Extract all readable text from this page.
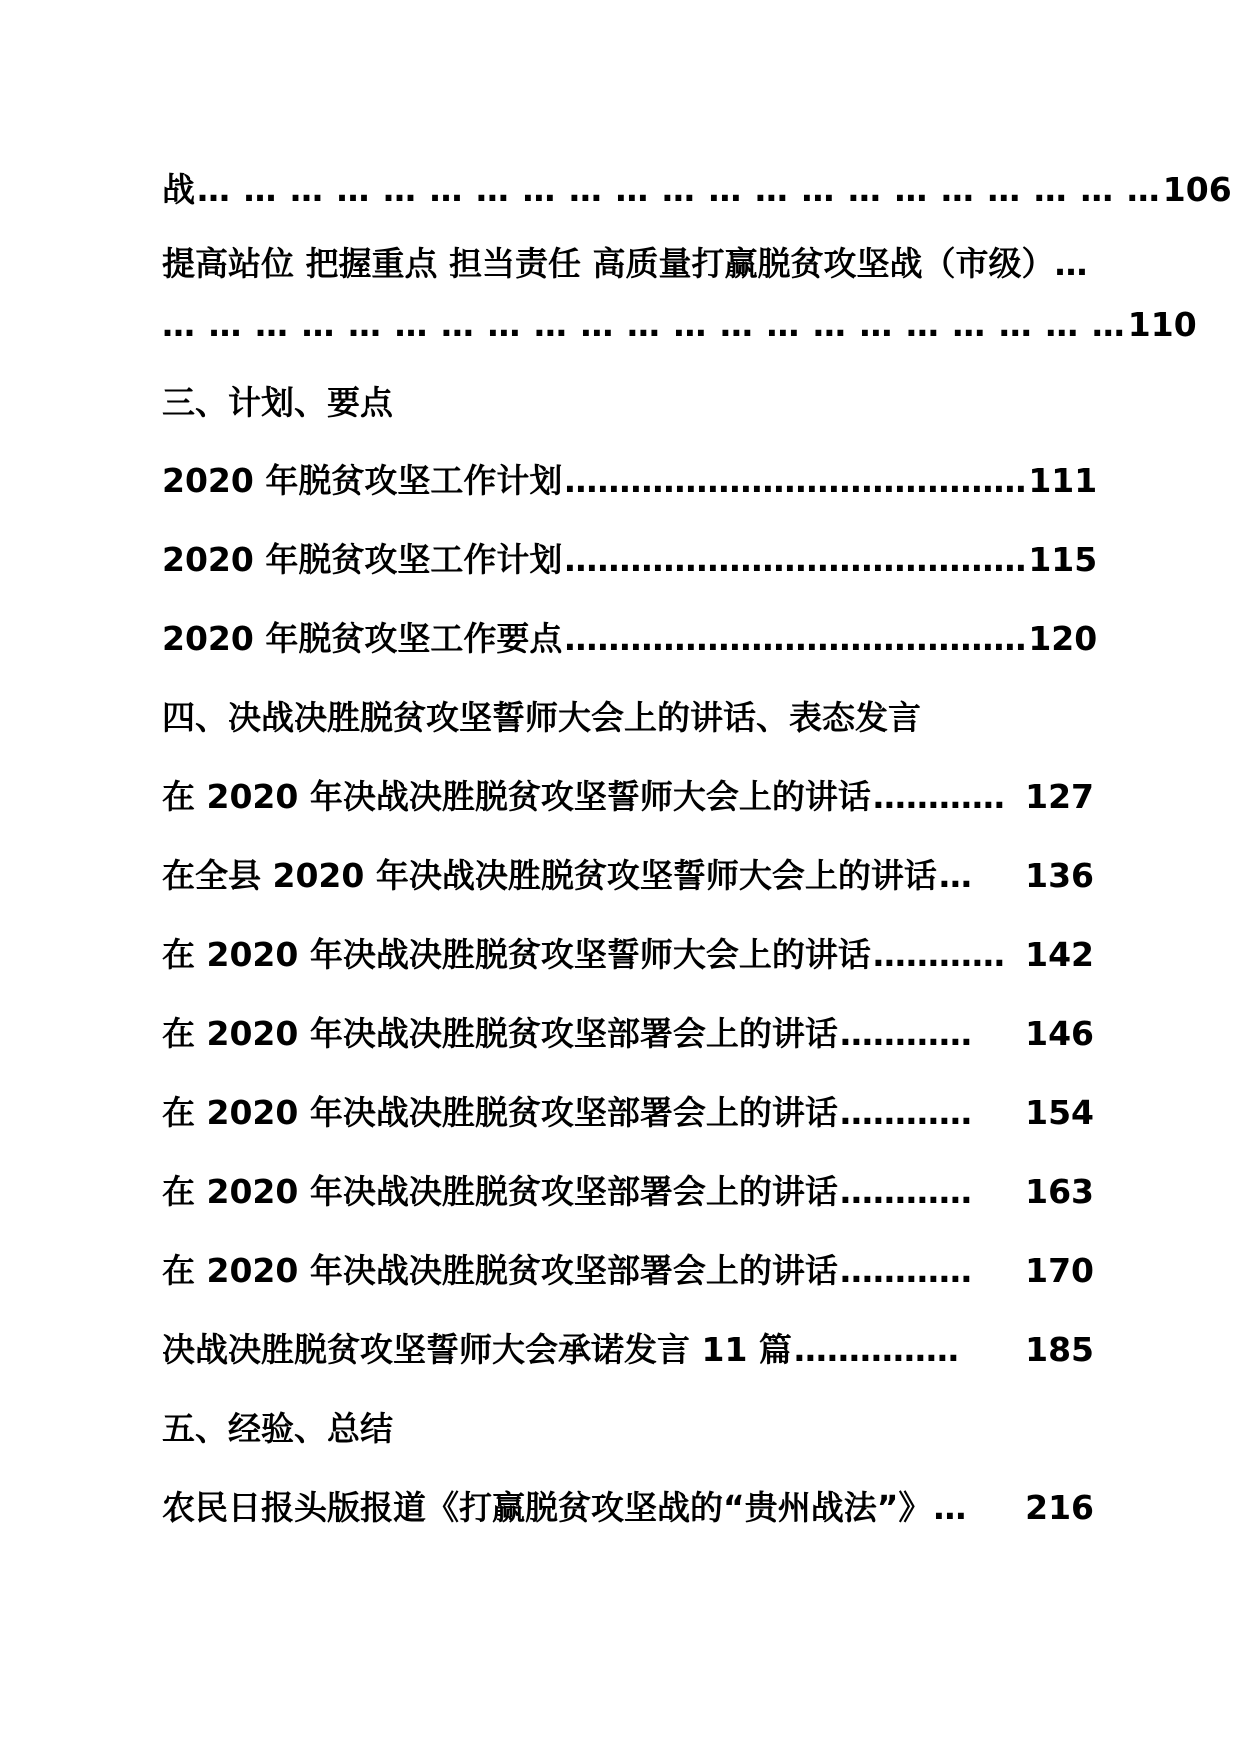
战 … … … … … … … … … … … … … … … … … … … … … 106
提高站位 把握重点 担当责任 高质量打赢脱贫攻坚战（市级）…
… … … … … … … … … … … … … … … … … … … … … 110
三、计划、要点
2020 年脱贫攻坚工作计划 …………………………………… 111
2020 年脱贫攻坚工作计划 …………………………………… 115
2020 年脱贫攻坚工作要点 …………………………………… 120
四、决战决胜脱贫攻坚誓师大会上的讲话、表态发言
在 2020 年决战决胜脱贫攻坚誓师大会上的讲话 ………… 127
在全县 2020 年决战决胜脱贫攻坚誓师大会上的讲话 …	136
在 2020 年决战决胜脱贫攻坚誓师大会上的讲话 ………… 142
在 2020 年决战决胜脱贫攻坚部署会上的讲话 …………	146
在 2020 年决战决胜脱贫攻坚部署会上的讲话 …………	154
在 2020 年决战决胜脱贫攻坚部署会上的讲话 …………	163
在 2020 年决战决胜脱贫攻坚部署会上的讲话 …………	170
决战决胜脱贫攻坚誓师大会承诺发言 11 篇 ……………	185
五、经验、总结
农民日报头版报道《打赢脱贫攻坚战的“贵州战法”》 …	216
